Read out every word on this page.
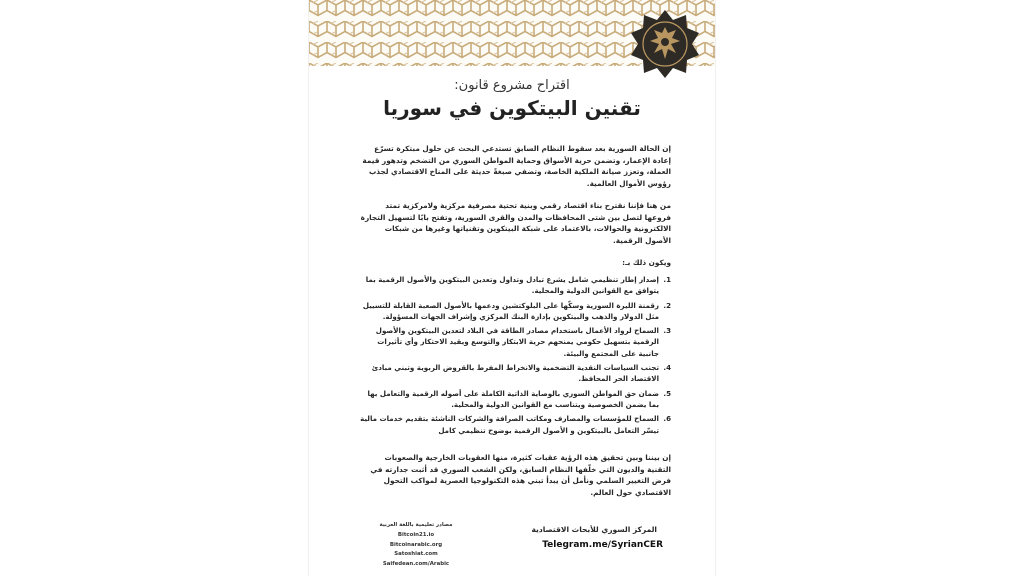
اقتراح مشروع قانون:
تقنين البيتكوين في سوريا
إن الحالة السورية بعد سقوط النظام السابق تستدعي البحث عن حلول مبتكرة تسرّع إعادة الإعمار، وتضمن حرية الأسواق وحماية المواطن السوري من التضخم وتدهور قيمة العملة، وتعزز صيانة الملكية الخاصة، وتضفي صبغةً حديثة على المناخ الاقتصادي لجذب رؤوس الأموال العالمية.
من هنا فإننا نقترح بناء اقتصاد رقمي وبنية تحتية مصرفية مركزية ولامركزية تمتد فروعها لتصل بين شتى المحافظات والمدن والقرى السورية، وتفتح بابًا لتسهيل التجارة الالكترونية والحوالات، بالاعتماد على شبكة البيتكوين وتقنياتها وغيرها من شبكات الأصول الرقمية.
ويكون ذلك بـ:
1.
إصدار إطار تنظيمي شامل يشرع تبادل وتداول وتعدين البيتكوين والأصول الرقمية بما يتوافق مع القوانين الدولية والمحلية.
2.
رقمنة الليرة السورية وسكّها على البلوكتشين ودعمها بالأصول الصعبة القابلة للتسييل مثل الدولار والذهب والبيتكوين بإدارة البنك المركزي وإشراف الجهات المسؤولة.
3.
السماح لرواد الأعمال باستخدام مصادر الطاقة في البلاد لتعدين البيتكوين والأصول الرقمية بتسهيل حكومي يمنحهم حرية الابتكار والتوسع ويقيد الاحتكار وأي تأثيرات جانبية على المجتمع والبيئة.
4.
تجنب السياسات النقدية التضخمية والانخراط المفرط بالقروض الربوية وتبني مبادئ الاقتصاد الحر المحافظ.
5.
ضمان حق المواطن السوري بالوصاية الذاتية الكاملة على أصوله الرقمية والتعامل بها بما يضمن الخصوصية ويتناسب مع القوانين الدولية والمحلية.
6.
السماح للمؤسسات والمصارف ومكاتب الصرافة والشركات الناشئة بتقديم خدمات مالية تيسّر التعامل بالبيتكوين و الأصول الرقمية بوضوح تنظيمي كامل
إن بيننا وبين تحقيق هذه الرؤية عقبات كثيرة، منها العقوبات الخارجية والصعوبات التقنية والديون التي خلّفها النظام السابق، ولكن الشعب السوري قد أثبت جدارته في فرض التغيير السلمي ونأمل أن يبدأ تبني هذه التكنولوجيا العصرية لمواكب التحول الاقتصادي حول العالم.
المركز السوري للأبحاث الاقتصادية
Telegram.me/SyrianCER
مصادر تعليمية باللغة العربية
Bitcoin21.io
Bitcoinarabic.org
Satoshiat.com
Saifedean.com/Arabic
